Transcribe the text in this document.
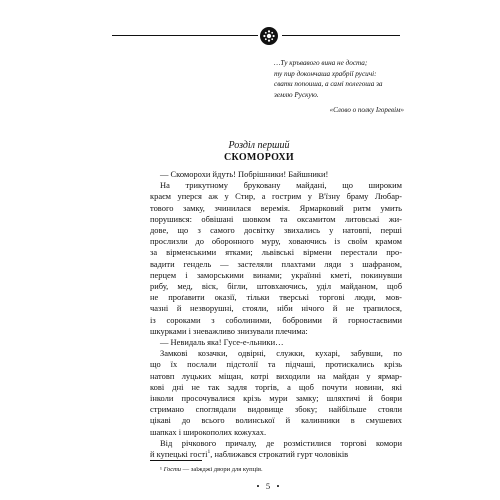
…Ту кръвавого вина не доста;
ту пир докончаша храбрії русичі:
свати попоиша, а самі полегоша за
землю Рускую.
«Слово о полку Ігоревім»
Розділ перший
СКОМОРОХИ
— Скоморохи йдуть! Побрішники! Байшники!
На трикутному бруковану майдані, що широким
краєм уперся аж у Стир, а гострим у В'їзну браму Любар-
тового замку, зчинилася веремія. Ярмарковий ритм умить
порушився: обвішані шовком та оксамитом литовські жи-
дове, що з самого досвітку звихались у натовпі, перші
прослизли до оборонного муру, ховаючись із своїм крамом
за вірменськими ятками; львівські вірмени перестали про-
вадити гендель — застеляли плахтами ляди з шафраном,
перцем і заморськими винами; українні кметі, покинувши
рибу, мед, віск, бігли, штовхаючись, уділ майданом, щоб
не проґавити оказії, тільки тверські торгові люди, мов-
чазні й незворушні, стояли, ніби нічого й не трапилося,
із сороками з соболиними, бобровими й горностаєвими
шкурками і зневажливо знизували плечима:
— Невидаль яка! Гусе-е-льники…
Замкові козачки, одвірні, служки, кухарі, забувши, по
що їх послали підстолії та підчаші, протискались крізь
натовп луцьких міщан, котрі виходили на майдан у ярмар-
кові дні не так задля торгів, а щоб почути новини, які
інколи просочувалися крізь мури замку; шляхтичі й бояри
стримано споглядали видовище збоку; найбільше стояли
цікаві до всього волинської й калинники в смушевих
шапках і широкополих кожухах.
Від річкового причалу, де розмістилися торгові комори
й купецькі гості$^1$, наближався строкатий гурт чоловіків
¹ Гости — заїжджі двори для купців.
• 5 •
